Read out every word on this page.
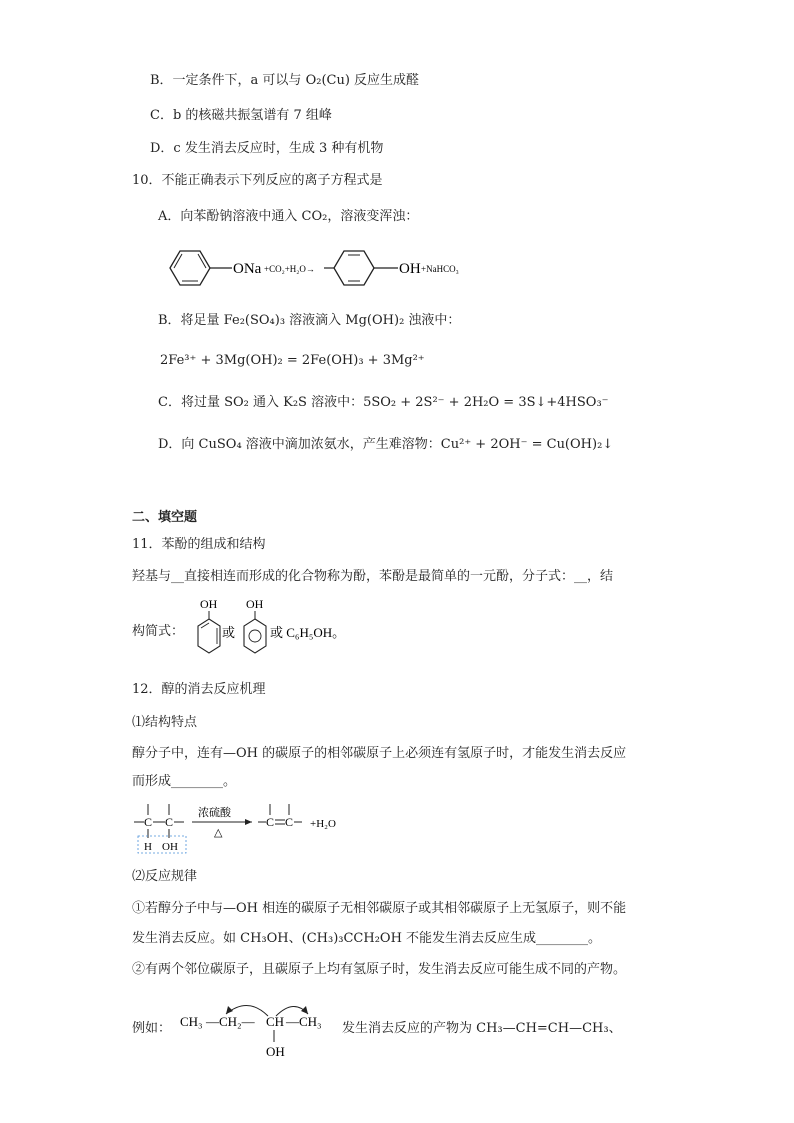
B．一定条件下，a 可以与 O₂(Cu) 反应生成醛
C．b 的核磁共振氢谱有 7 组峰
D．c 发生消去反应时，生成 3 种有机物
10．不能正确表示下列反应的离子方程式是
A．向苯酚钠溶液中通入 CO₂，溶液变浑浊：
ONa +CO₂+H₂O→	OH +NaHCO₃
B．将足量 Fe₂(SO₄)₃ 溶液滴入 Mg(OH)₂ 浊液中：
2Fe³⁺ + 3Mg(OH)₂ = 2Fe(OH)₃ + 3Mg²⁺
C．将过量 SO₂ 通入 K₂S 溶液中：5SO₂ + 2S²⁻ + 2H₂O = 3S↓+4HSO₃⁻
D．向 CuSO₄ 溶液中滴加浓氨水，产生难溶物：Cu²⁺ + 2OH⁻ = Cu(OH)₂↓
二、填空题
11．苯酚的组成和结构
羟基与__直接相连而形成的化合物称为酚，苯酚是最简单的一元酚，分子式：__，结
构简式：
OH
或
OH
或 C₆H₅OH。
12．醇的消去反应机理
⑴结构特点
醇分子中，连有—OH 的碳原子的相邻碳原子上必须连有氢原子时，才能发生消去反应
而形成________。
C C
H OH
浓硫酸
△
C C +H₂O
⑵反应规律
①若醇分子中与—OH 相连的碳原子无相邻碳原子或其相邻碳原子上无氢原子，则不能
发生消去反应。如 CH₃OH、(CH₃)₃CCH₂OH 不能发生消去反应生成________。
②有两个邻位碳原子，且碳原子上均有氢原子时，发生消去反应可能生成不同的产物。
例如： CH₃ —CH₂— CH —CH₃
OH
发生消去反应的产物为 CH₃—CH=CH—CH₃、
